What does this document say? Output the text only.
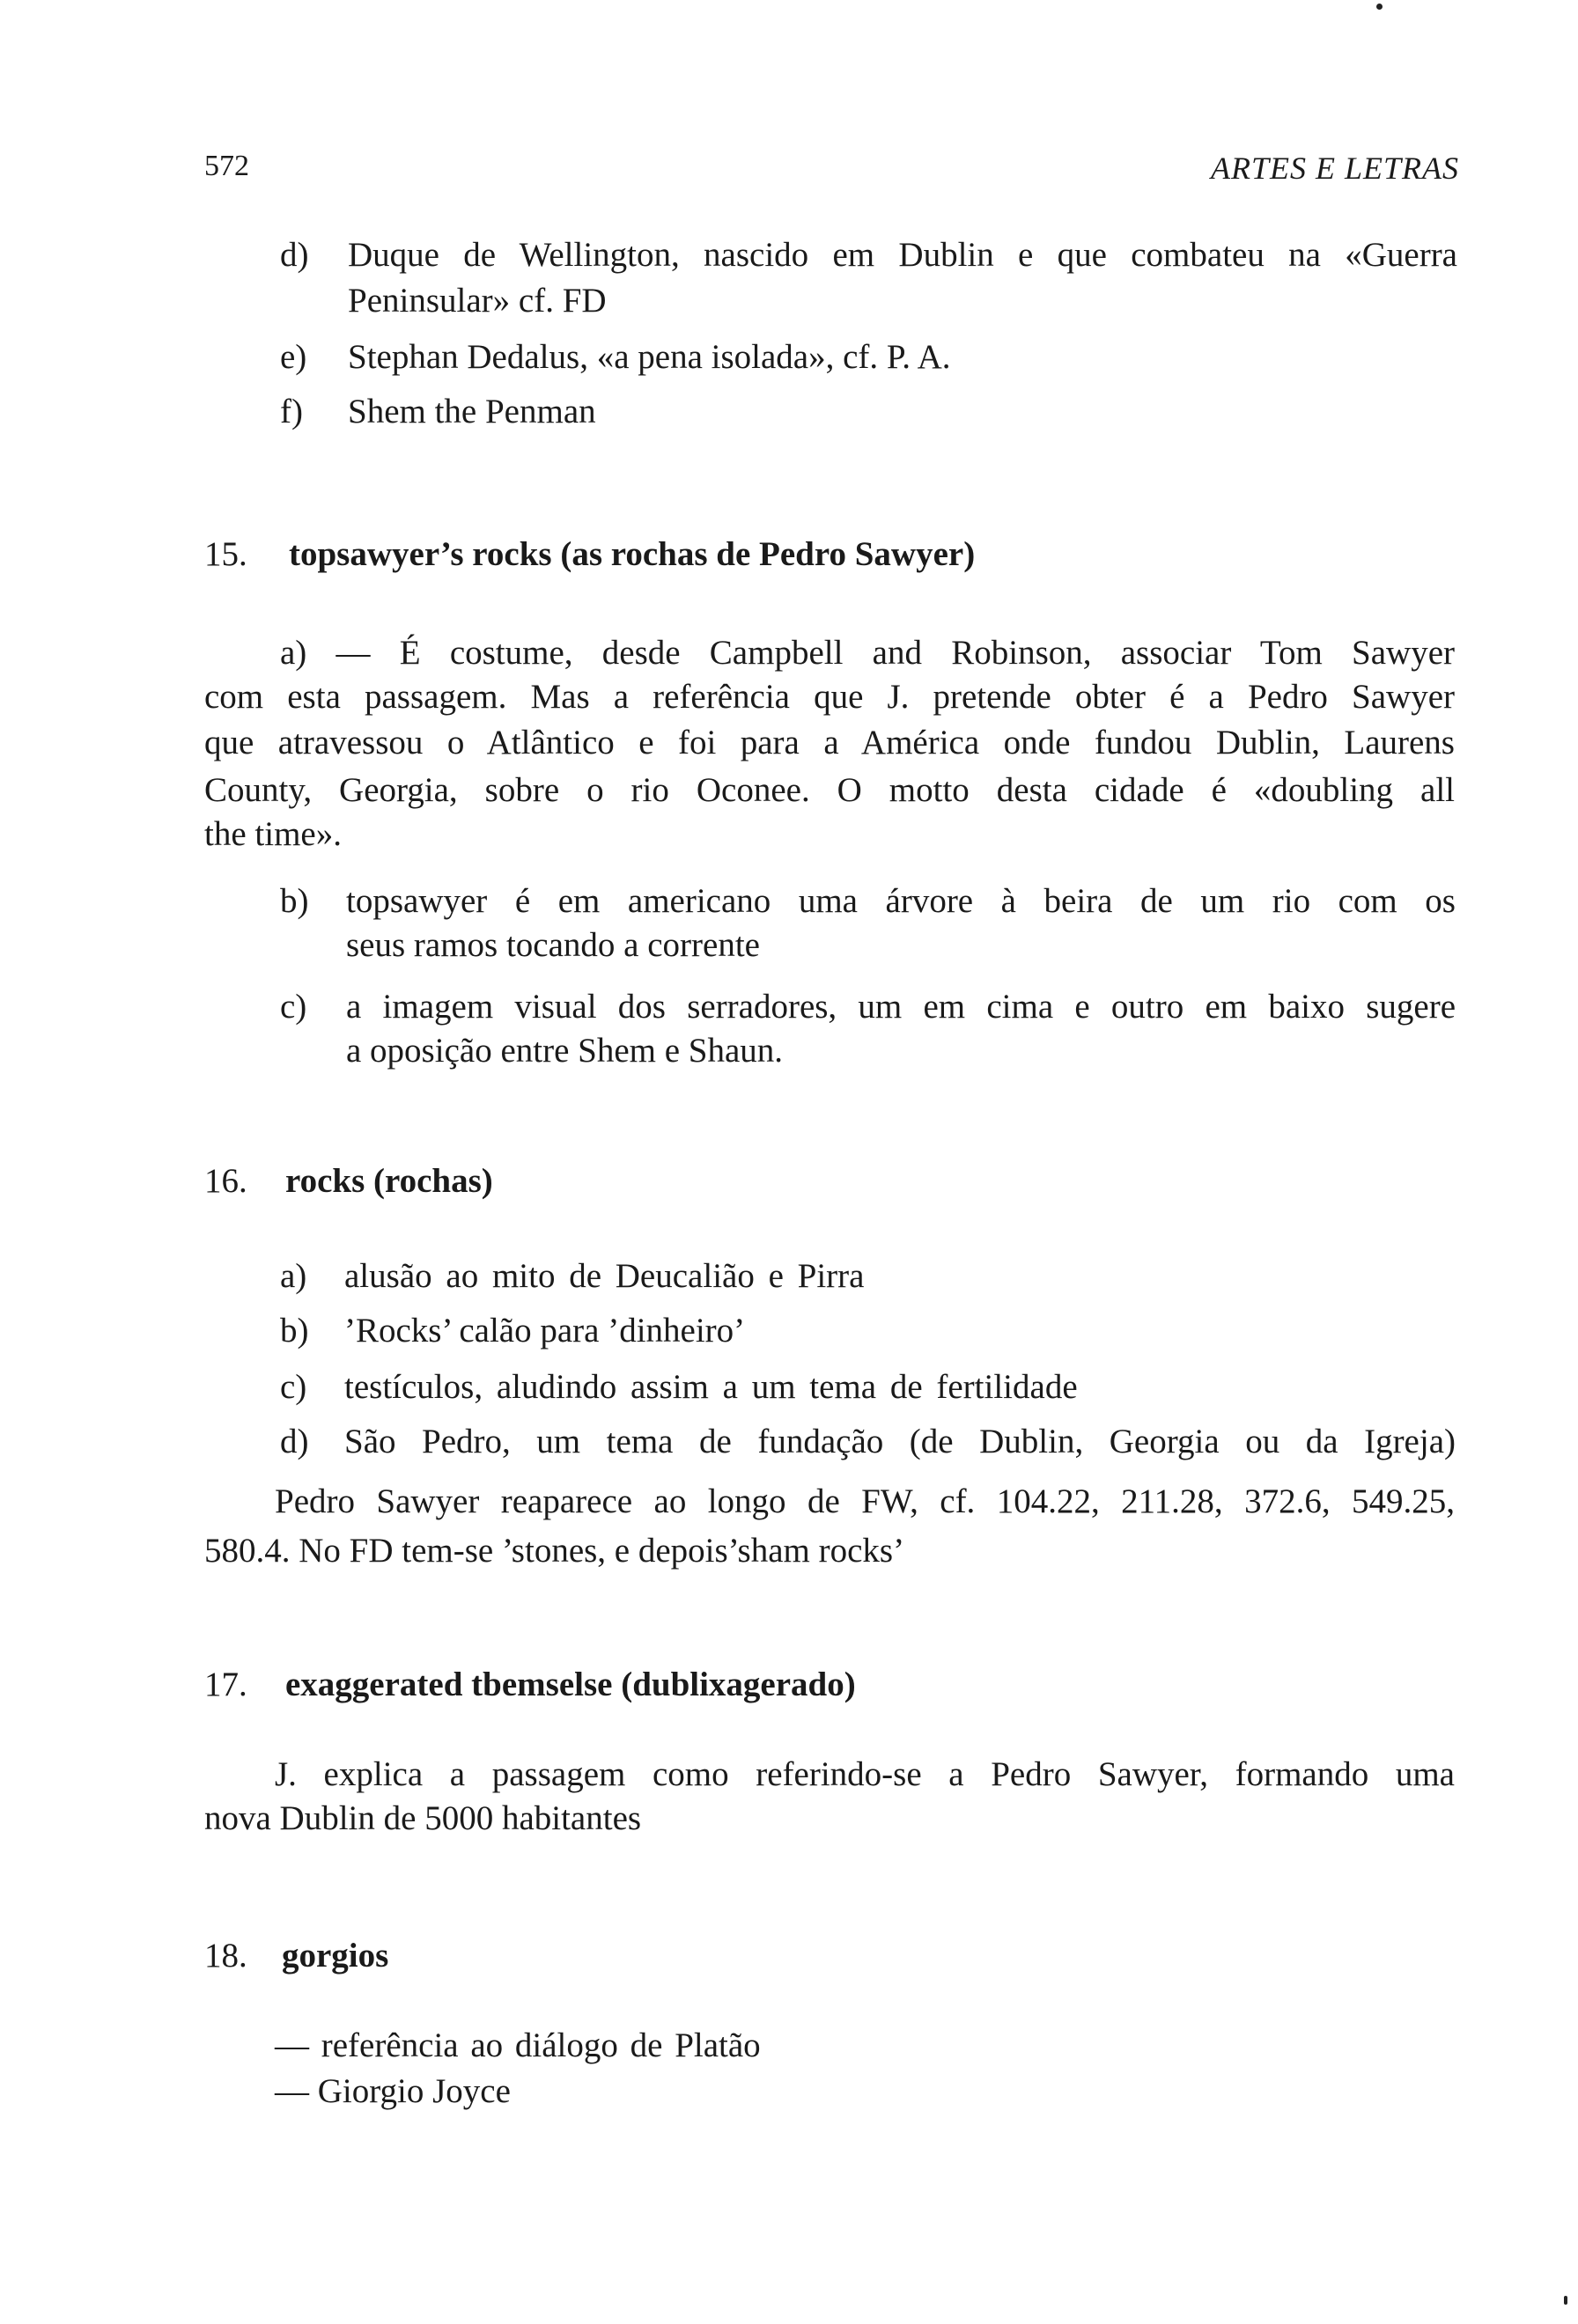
572	ARTES E LETRAS
d) Duque de Wellington, nascido em Dublin e que combateu na «Guerra
Peninsular» cf. FD
e) Stephan Dedalus, «a pena isolada», cf. P. A.
f) Shem the Penman
15. topsawyer’s rocks (as rochas de Pedro Sawyer)
a) — É costume, desde Campbell and Robinson, associar Tom Sawyer
com esta passagem. Mas a referência que J. pretende obter é a Pedro Sawyer
que atravessou o Atlântico e foi para a América onde fundou Dublin, Laurens
County, Georgia, sobre o rio Oconee. O motto desta cidade é «doubling all
the time».
b) topsawyer é em americano uma árvore à beira de um rio com os
seus ramos tocando a corrente
c) a imagem visual dos serradores, um em cima e outro em baixo sugere
a oposição entre Shem e Shaun.
16. rocks (rochas)
a) alusão ao mito de Deucalião e Pirra
b) ’Rocks’ calão para ’dinheiro’
c) testículos, aludindo assim a um tema de fertilidade
d) São Pedro, um tema de fundação (de Dublin, Georgia ou da Igreja)
Pedro Sawyer reaparece ao longo de FW, cf. 104.22, 211.28, 372.6, 549.25,
580.4. No FD tem-se ’stones, e depois’sham rocks’
17. exaggerated tbemselse (dublixagerado)
J. explica a passagem como referindo-se a Pedro Sawyer, formando uma
nova Dublin de 5000 habitantes
18. gorgios
— referência ao diálogo de Platão
— Giorgio Joyce
